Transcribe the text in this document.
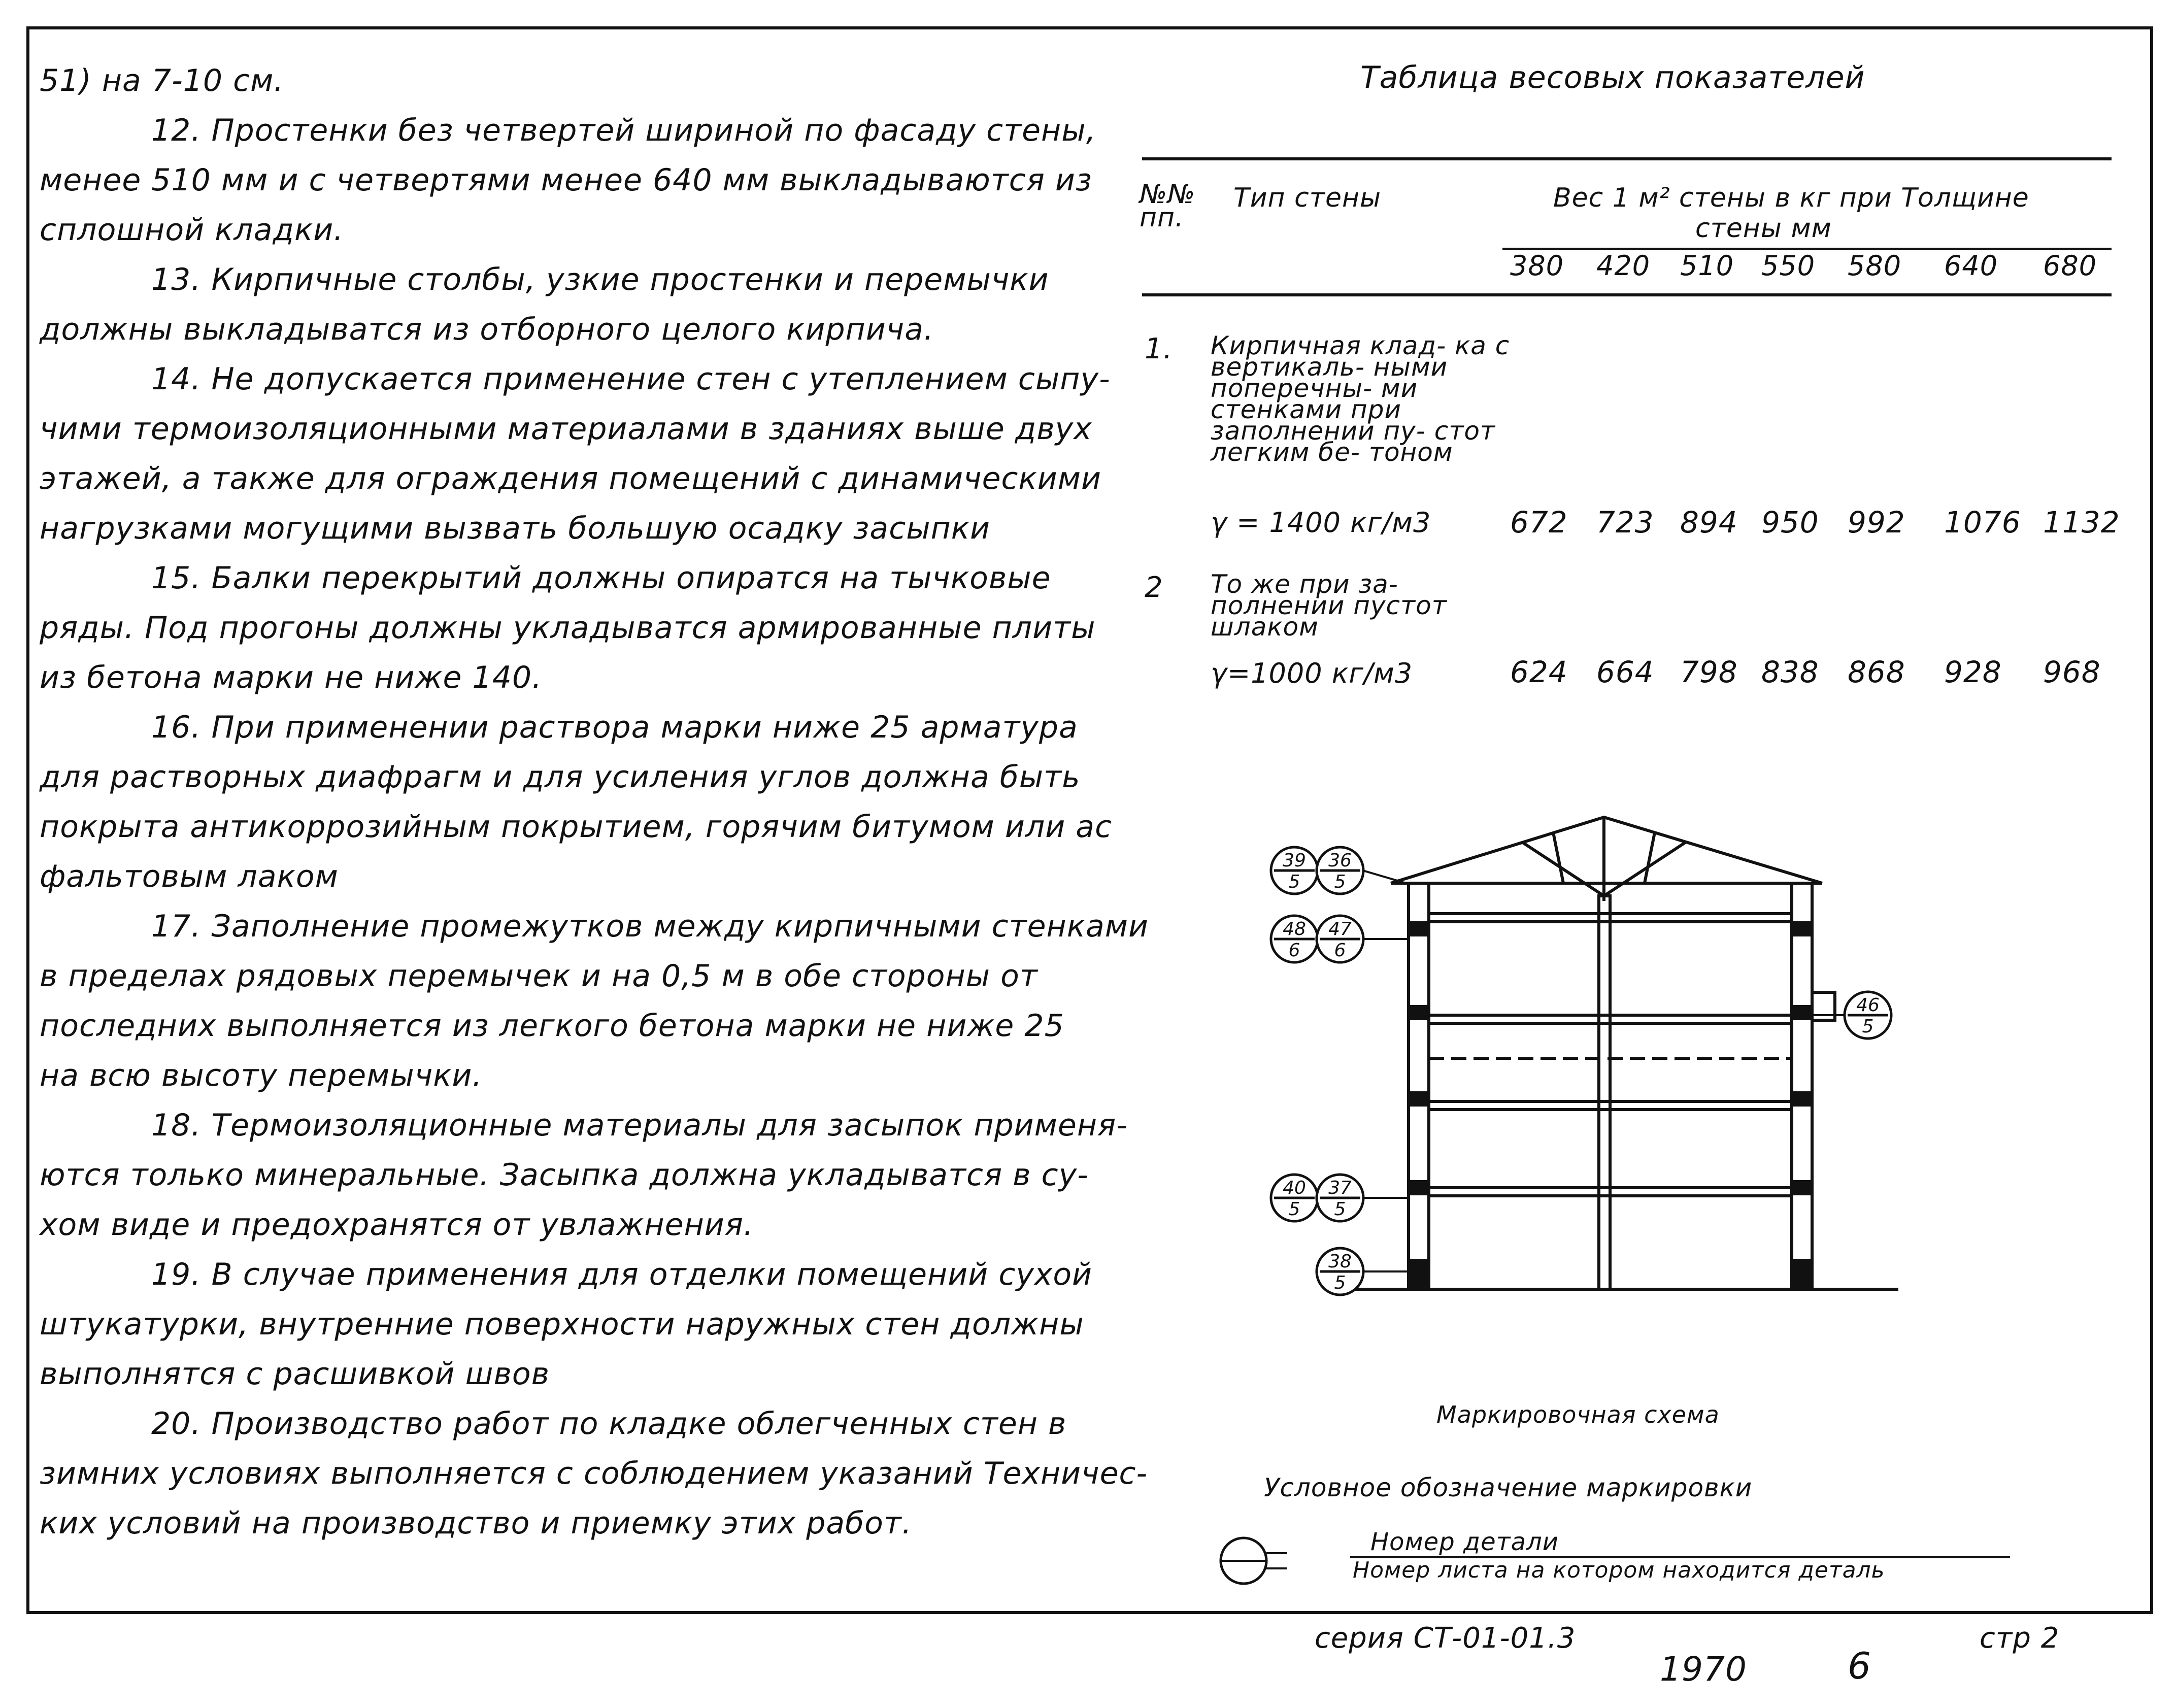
51) на 7-10 см.
12. Простенки без четвертей шириной по фасаду стены,
менее 510 мм и с четвертями менее 640 мм выкладываются из
сплошной кладки.
13. Кирпичные столбы, узкие простенки и перемычки
должны выкладыватся из отборного целого кирпича.
14. Не допускается применение стен с утеплением сыпу-
чими термоизоляционными материалами в зданиях выше двух
этажей, а также для ограждения помещений с динамическими
нагрузками могущими вызвать большую осадку засыпки
15. Балки перекрытий должны опиратся на тычковые
ряды. Под прогоны должны укладыватся армированные плиты
из бетона марки не ниже 140.
16. При применении раствора марки ниже 25 арматура
для растворных диафрагм и для усиления углов должна быть
покрыта антикоррозийным покрытием, горячим битумом или ас
фальтовым лаком
17. Заполнение промежутков между кирпичными стенками
в пределах рядовых перемычек и на 0,5 м в обе стороны от
последних выполняется из легкого бетона марки не ниже 25
на всю высоту перемычки.
18. Термоизоляционные материалы для засыпок применя-
ются только минеральные. Засыпка должна укладыватся в су-
хом виде и предохранятся от увлажнения.
19. В случае применения для отделки помещений сухой
штукатурки, внутренние поверхности наружных стен должны
выполнятся с расшивкой швов
20. Производство работ по кладке облегченных стен в
зимних условиях выполняется с соблюдением указаний Техничес-
ких условий на производство и приемку этих работ.
Таблица весовых показателей
№№ пп.
Тип стены	Вес 1 м² стены в кг при Толщине
стены мм
380 420 510 550 580 640 680
1. Кирпичная клад- ка с вертикаль- ными поперечны- ми стенками при заполнении пу- стот легким бе- тоном
γ = 1400 кг/м3	672 723 894 950 992 1076 1132
2 То же при за- полнении пустот шлаком
γ=1000 кг/м3	624 664 798 838 868 928 968
39
5
36
5
48
6
47
6
46
5
40
5
37
5
38
5
Маркировочная схема
Условное обозначение маркировки
Номер детали
Номер листа на котором находится деталь
серия СТ-01-01.3	стр 2
1970	6
